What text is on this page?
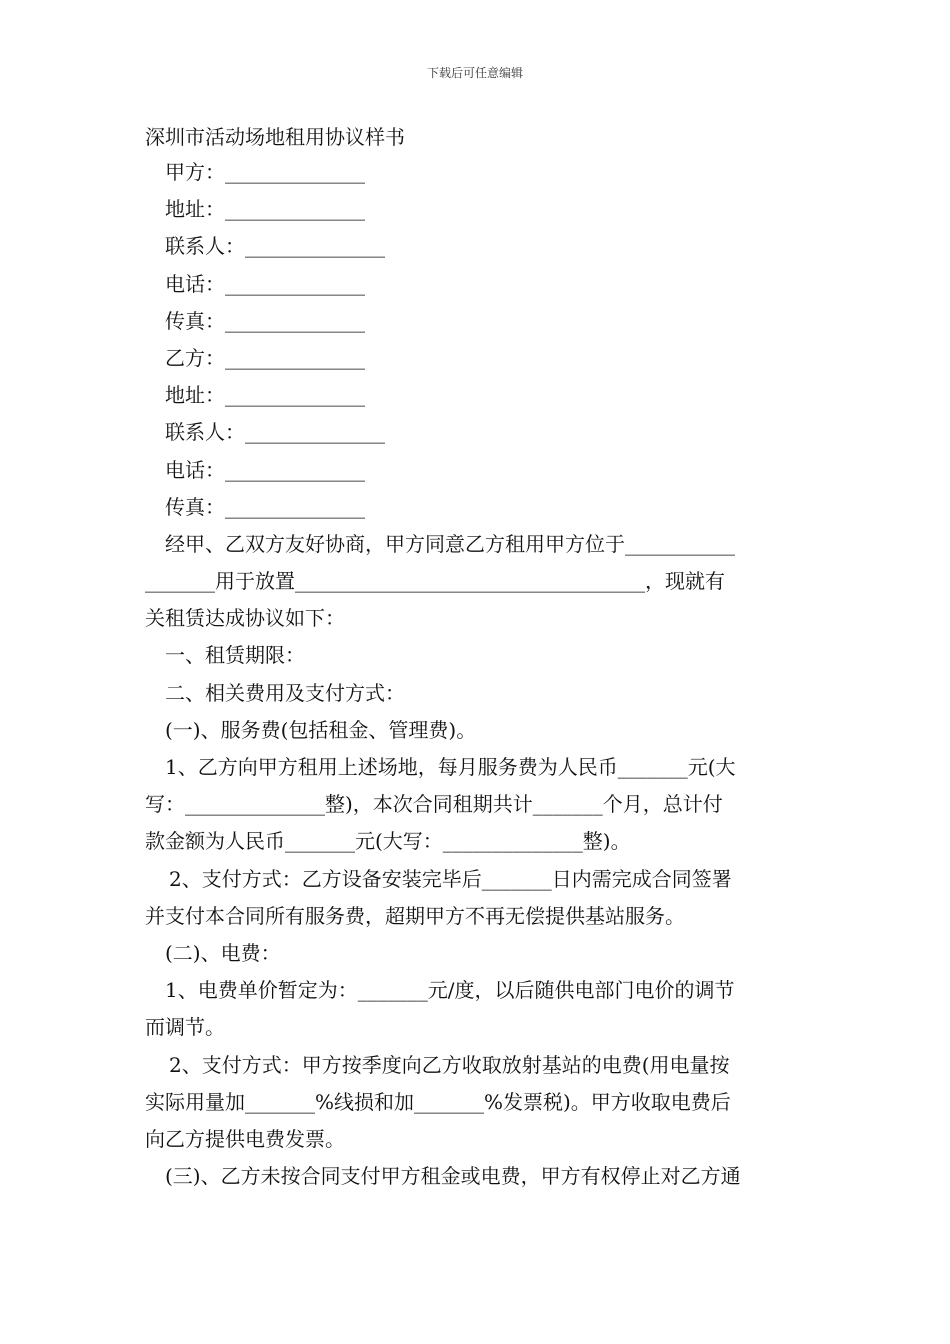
下载后可任意编辑
深圳市活动场地租用协议样书
甲方：______________
地址：______________
联系人：______________
电话：______________
传真：______________
乙方：______________
地址：______________
联系人：______________
电话：______________
传真：______________
经甲、乙双方友好协商，甲方同意乙方租用甲方位于___________
_______用于放置___________________________________，现就有
关租赁达成协议如下：
一、租赁期限：
二、相关费用及支付方式：
(一)、服务费(包括租金、管理费)。
1、乙方向甲方租用上述场地，每月服务费为人民币_______元(大
写：______________整)，本次合同租期共计_______个月，总计付
款金额为人民币_______元(大写：______________整)。
2、支付方式：乙方设备安装完毕后_______日内需完成合同签署
并支付本合同所有服务费，超期甲方不再无偿提供基站服务。
(二)、电费：
1、电费单价暂定为：_______元/度，以后随供电部门电价的调节
而调节。
2、支付方式：甲方按季度向乙方收取放射基站的电费(用电量按
实际用量加_______%线损和加_______%发票税)。甲方收取电费后
向乙方提供电费发票。
(三)、乙方未按合同支付甲方租金或电费，甲方有权停止对乙方通
